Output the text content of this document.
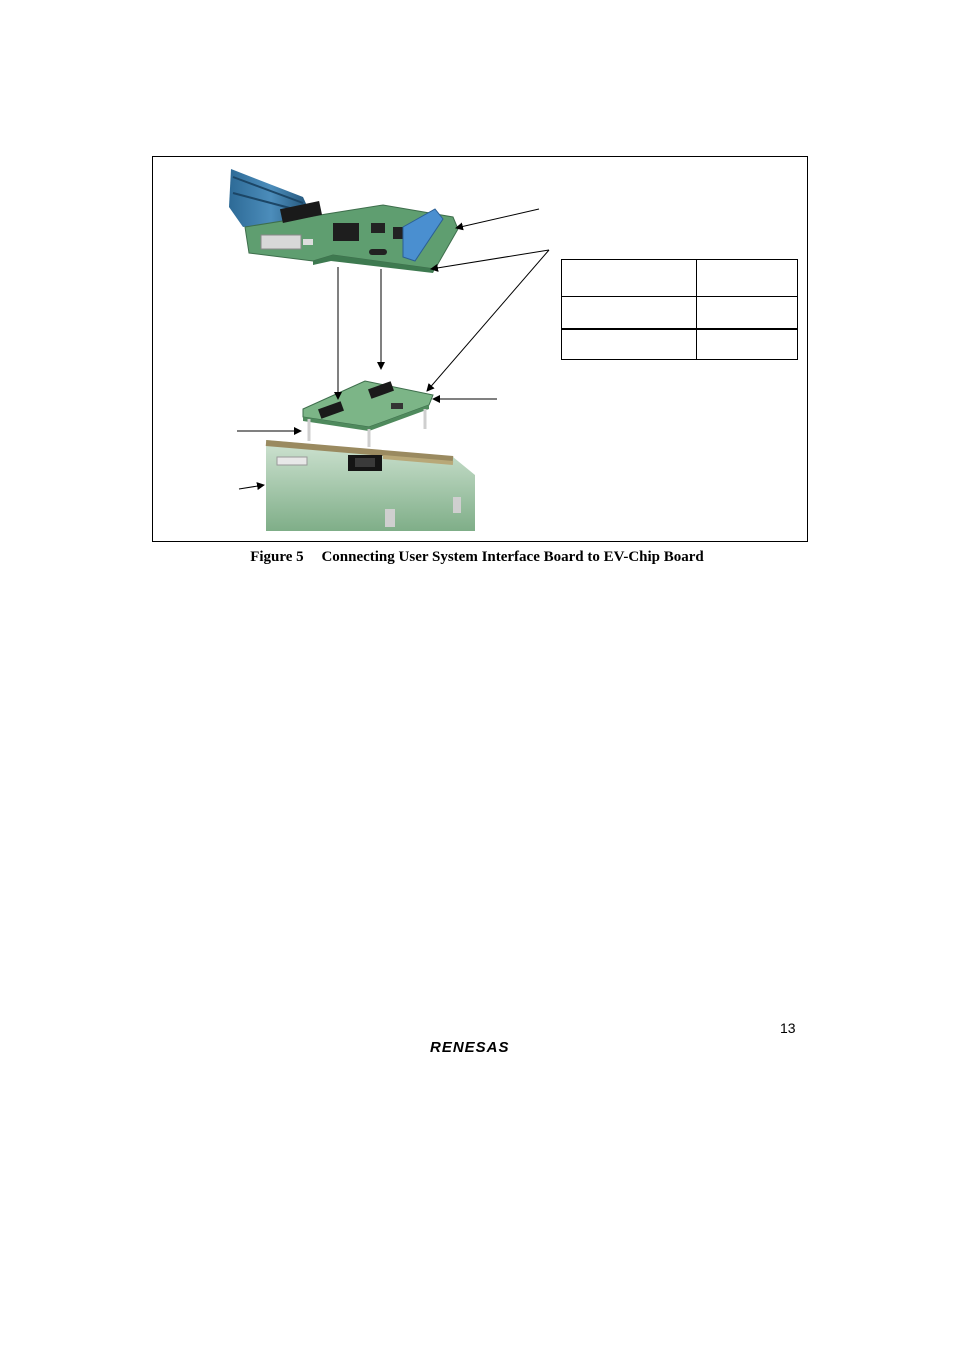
Figure 5 Connecting User System Interface Board to EV-Chip Board
13
RENESAS
